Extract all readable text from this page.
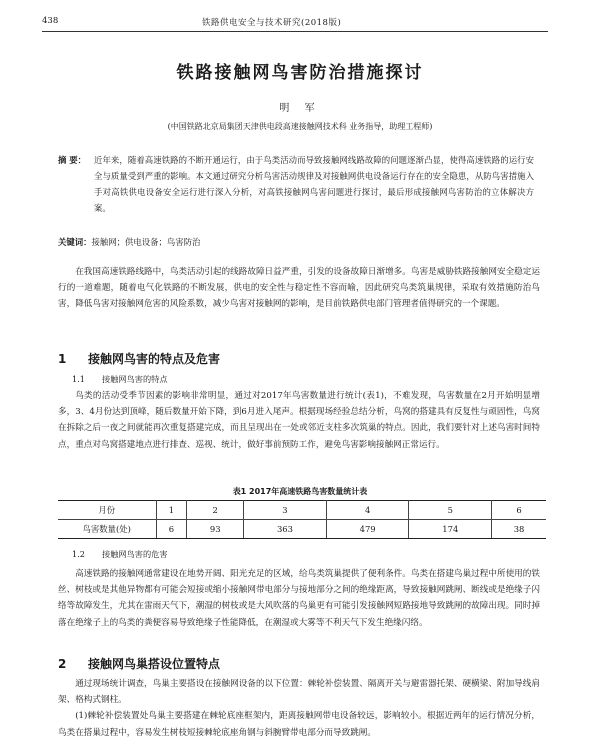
438	铁路供电安全与技术研究(2018版)
铁路接触网鸟害防治措施探讨
明 军
(中国铁路北京局集团天津供电段高速接触网技术科 业务指导，助理工程师)
摘 要： 近年来，随着高速铁路的不断开通运行，由于鸟类活动而导致接触网线路故障的问题逐渐凸显，使得高速铁路的运行安全与质量受到严重的影响。本文通过研究分析鸟害活动规律及对接触网供电设备运行存在的安全隐患，从防鸟害措施入手对高铁供电设备安全运行进行深入分析，对高铁接触网鸟害问题进行探讨，最后形成接触网鸟害防治的立体解决方案。
关键词：接触网；供电设备；鸟害防治

在我国高速铁路线路中，鸟类活动引起的线路故障日益严重，引发的设备故障日渐增多。鸟害是威胁铁路接触网安全稳定运行的一道难题，随着电气化铁路的不断发展，供电的安全性与稳定性不容而喻，因此研究鸟类筑巢规律，采取有效措施防治鸟害，降低鸟害对接触网危害的风险系数，减少鸟害对接触网的影响，是目前铁路供电部门管理者值得研究的一个课题。

1 接触网鸟害的特点及危害
1.1 接触网鸟害的特点

鸟类的活动受季节因素的影响非常明显，通过对2017年鸟害数量进行统计(表1)，不难发现，鸟害数量在2月开始明显增多，3、4月份达到顶峰，随后数量开始下降，到6月进入尾声。根据现场经验总结分析，鸟窝的搭建具有反复性与顽固性，鸟窝在拆除之后一夜之间就能再次重复搭建完成，而且呈现出在一处或邻近支柱多次筑巢的特点。因此，我们要针对上述鸟害时间特点，重点对鸟窝搭建地点进行排查、巡视、统计，做好事前预防工作，避免鸟害影响接触网正常运行。

表1 2017年高速铁路鸟害数量统计表
月份	1	2	3	4	5	6
鸟害数量(处)	6	93	363	479	174	38
1.2 接触网鸟害的危害

高速铁路的接触网通常建设在地势开阔、阳光充足的区域，给鸟类筑巢提供了便利条件。鸟类在搭建鸟巢过程中所使用的铁丝、树枝或是其他异物都有可能会短接或缩小接触网带电部分与接地部分之间的绝缘距离，导致接触网跳闸、断线或是绝缘子闪络等故障发生，尤其在雷雨天气下，潮湿的树枝或是大风吹落的鸟巢更有可能引发接触网短路接地导致跳闸的故障出现。同时掉落在绝缘子上的鸟类的粪便容易导致绝缘子性能降低，在潮湿或大雾等不利天气下发生绝缘闪络。

2 接触网鸟巢搭设位置特点

通过现场统计调查，鸟巢主要搭设在接触网设备的以下位置：棘轮补偿装置、隔离开关与避雷器托架、硬横梁、附加导线肩架、格构式钢柱。

(1)棘轮补偿装置处鸟巢主要搭建在棘轮底座框架内，距离接触网带电设备较远，影响较小。根据近两年的运行情况分析，鸟类在搭巢过程中，容易发生树枝短接棘轮底座角钢与斜腕臂带电部分而导致跳闸。
